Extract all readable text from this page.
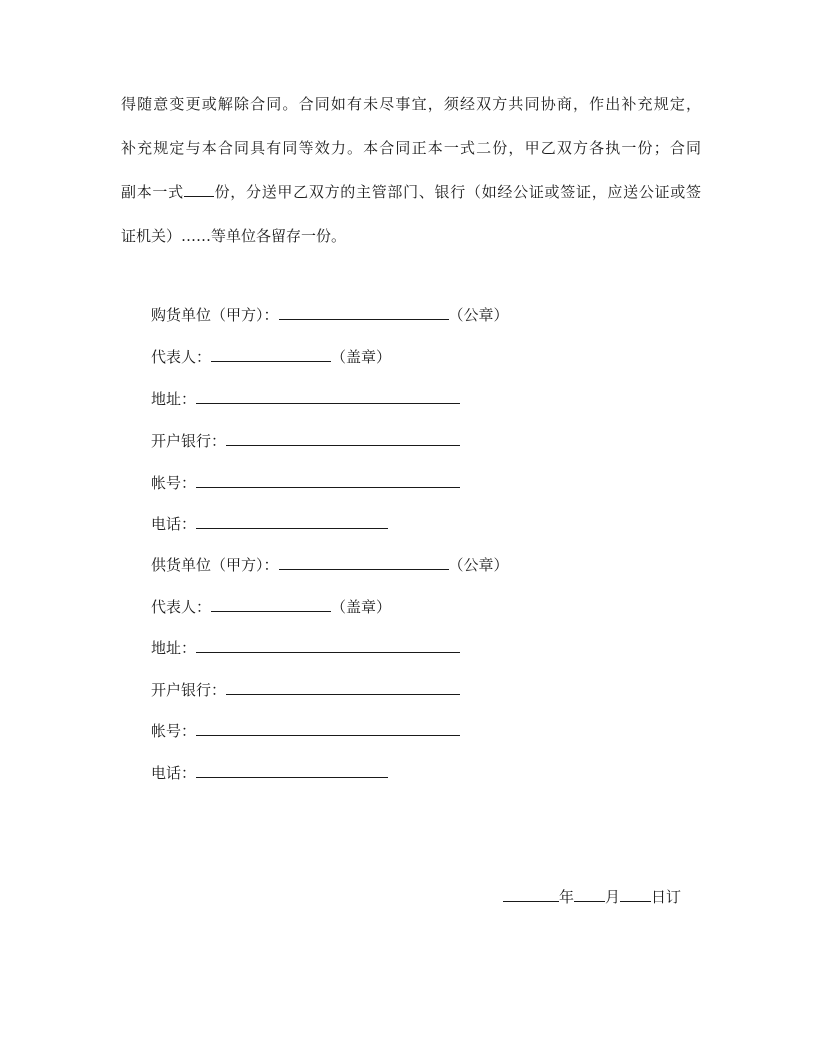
得随意变更或解除合同。合同如有未尽事宜，须经双方共同协商，作出补充规定，
补充规定与本合同具有同等效力。本合同正本一式二份，甲乙双方各执一份；合同
副本一式 份，分送甲乙双方的主管部门、银行（如经公证或签证，应送公证或签
证机关）……等单位各留存一份。
购货单位（甲方）：	（公章）
代表人：	（盖章）
地址：
开户银行：
帐号：
电话：
供货单位（甲方）：	（公章）
代表人：	（盖章）
地址：
开户银行：
帐号：
电话：
年 月 日订
